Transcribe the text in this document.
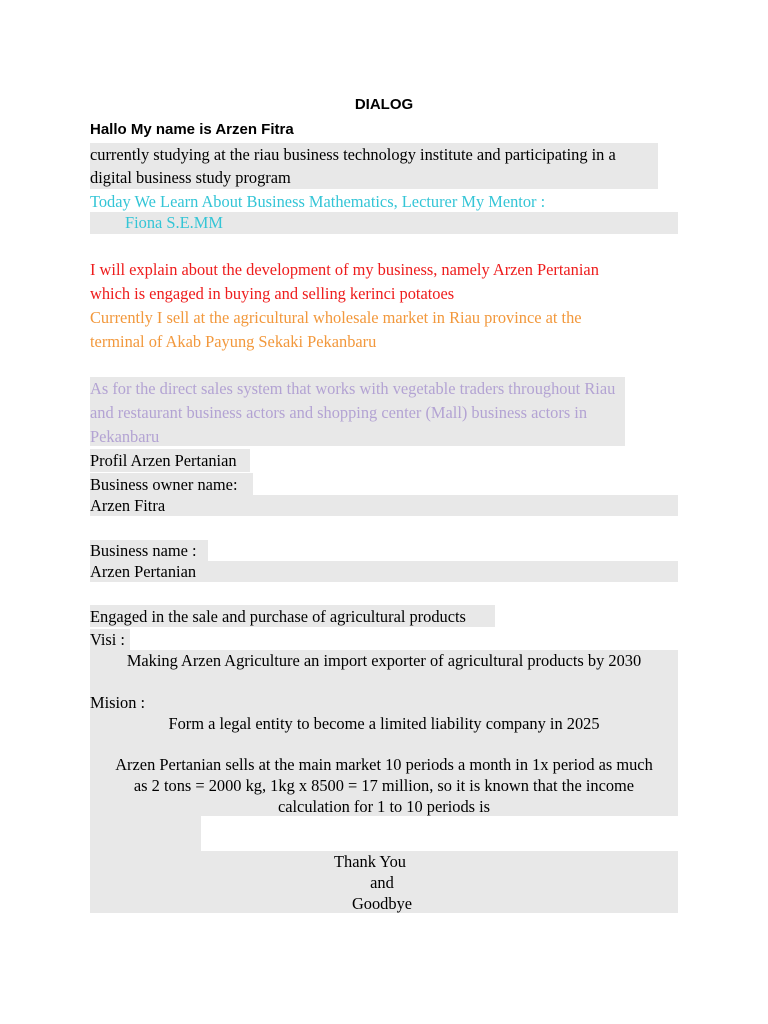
DIALOG
Hallo My name is Arzen Fitra
currently studying at the riau business technology institute and participating in a
digital business study program
Today We Learn About Business Mathematics, Lecturer My Mentor :
Fiona S.E.MM
I will explain about the development of my business, namely Arzen Pertanian
which is engaged in buying and selling kerinci potatoes
Currently I sell at the agricultural wholesale market in Riau province at the
terminal of Akab Payung Sekaki Pekanbaru
As for the direct sales system that works with vegetable traders throughout Riau
and restaurant business actors and shopping center (Mall) business actors in
Pekanbaru
Profil Arzen Pertanian
Business owner name:
Arzen Fitra
Business name :
Arzen Pertanian
Engaged in the sale and purchase of agricultural products
Visi :
Making Arzen Agriculture an import exporter of agricultural products by 2030
Mision :
Form a legal entity to become a limited liability company in 2025
Arzen Pertanian sells at the main market 10 periods a month in 1x period as much
as 2 tons = 2000 kg, 1kg x 8500 = 17 million, so it is known that the income
calculation for 1 to 10 periods is
Thank You
and
Goodbye
